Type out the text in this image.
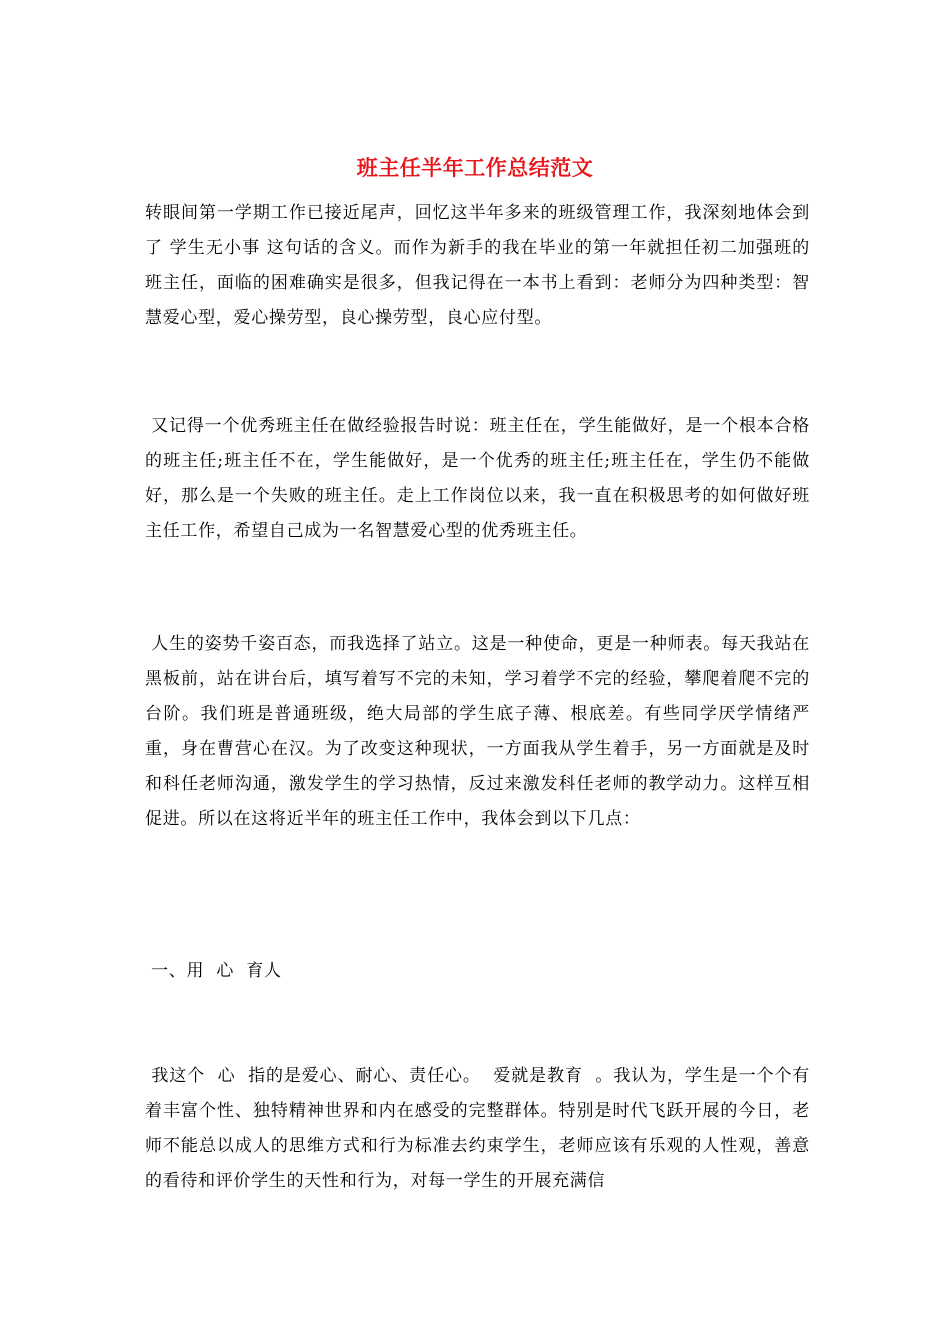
班主任半年工作总结范文

转眼间第一学期工作已接近尾声，回忆这半年多来的班级管理工作，我深刻地体会到了 学生无小事 这句话的含义。而作为新手的我在毕业的第一年就担任初二加强班的班主任，面临的困难确实是很多，但我记得在一本书上看到：老师分为四种类型：智慧爱心型，爱心操劳型，良心操劳型，良心应付型。

又记得一个优秀班主任在做经验报告时说：班主任在，学生能做好，是一个根本合格的班主任;班主任不在，学生能做好，是一个优秀的班主任;班主任在，学生仍不能做好，那么是一个失败的班主任。走上工作岗位以来，我一直在积极思考的如何做好班主任工作，希望自己成为一名智慧爱心型的优秀班主任。

人生的姿势千姿百态，而我选择了站立。这是一种使命，更是一种师表。每天我站在黑板前，站在讲台后，填写着写不完的未知，学习着学不完的经验，攀爬着爬不完的台阶。我们班是普通班级，绝大局部的学生底子薄、根底差。有些同学厌学情绪严重，身在曹营心在汉。为了改变这种现状，一方面我从学生着手，另一方面就是及时和科任老师沟通，激发学生的学习热情，反过来激发科任老师的教学动力。这样互相促进。所以在这将近半年的班主任工作中，我体会到以下几点：

一、用  心  育人

我这个  心  指的是爱心、耐心、责任心。  爱就是教育  。我认为，学生是一个个有着丰富个性、独特精神世界和内在感受的完整群体。特别是时代飞跃开展的今日，老师不能总以成人的思维方式和行为标准去约束学生，老师应该有乐观的人性观，善意的看待和评价学生的天性和行为，对每一学生的开展充满信
